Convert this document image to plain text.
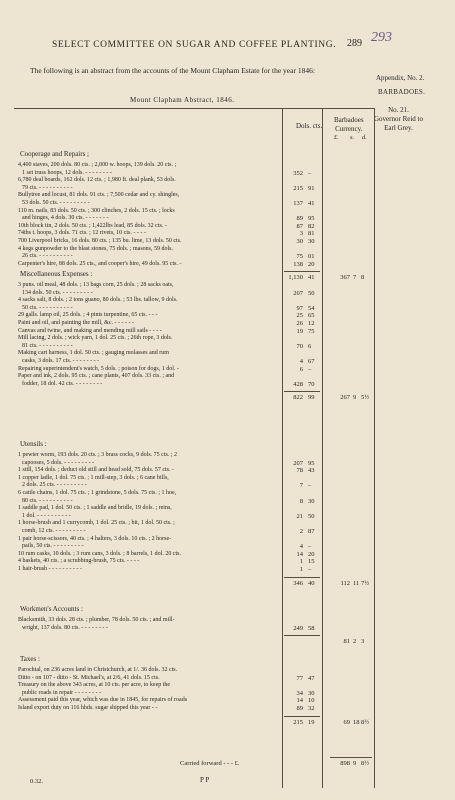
293
SELECT COMMITTEE ON SUGAR AND COFFEE PLANTING. 289
The following is an abstract from the accounts of the Mount Clapham Estate for the year 1846:
Appendix, No. 2.
BARBADOES.
No. 21.
Governor Reid to
Earl Grey.
Mount Clapham Abstract, 1846.
Dols. cts.
Barbadoes
Currency.
£. s. d.
Cooperage and Repairs ;
4,400 staves, 200 dols. 80 cts. ; 2,000 w. hoops, 139 dols. 20 cts. ;
1 set truss hoops, 12 dols. - - - - - - - -	352 –
6,780 deal boards, 162 dols. 12 cts. ; 1,980 ft. deal plank, 53 dols.
79 cts. - - - - - - - - - -	215 91
Bullytree and locust, 81 dols. 91 cts. ; 7,500 cedar and cy. shingles,
53 dols. 50 cts. - - - - - - - - -	137 41
110 m. nails, 83 dols. 50 cts. ; 300 clinches, 2 dols. 15 cts. ; locks
and hinges, 4 dols. 30 cts. - - - - - - -	89 95
10th block tin, 2 dols. 50 cts. ; 1,422lbs lead, 85 dols. 32 cts. -	87 82
74ths t. hoops, 3 dols. 71 cts. ; 12 rivets, 10 cts. - - - -	3 81
700 Liverpool bricks, 16 dols. 80 cts. ; 135 bu. lime, 13 dols. 50 cts.	30 30
4 kegs gunpowder to the blast stones, 75 dols. ; masons, 59 dols.
26 cts. - - - - - - - - - -	75 01
Carpenter's hire, 88 dols. 25 cts., and cooper's hire, 49 dols. 95 cts. -	138 20
1,130 41	367 7 8
Miscellaneous Expenses :
3 puns. oil meal, 48 dols. ; 13 bags corn, 25 dols. ; 28 sacks oats,
134 dols. 50 cts. - - - - - - - - -	207 50
4 sacks salt, 8 dols. ; 2 tons guano, 80 dols. ; 53 lbs. tallow, 9 dols.
50 cts. - - - - - - - - - -	97 54
29 galls. lamp oil, 25 dols. ; 4 pints turpentine, 65 cts. - - -	25 65
Paint and oil, and painting the mill, &c. - - - - - -	26 12
Canvas and twine, and making and mending mill sails - - - -	19 75
Mill lacing, 2 dols. ; wick yarn, 1 dol. 25 cts. ; 26th rope, 3 dols.
81 cts. - - - - - - - - - -	70 6
Making cart harness, 1 dol. 50 cts. ; gauging molasses and rum
casks, 3 dols. 17 cts. - - - - - - - -	4 67
Repairing superintendent's watch, 5 dols. ; poison for dogs, 1 dol. -	6 –
Paper and ink, 2 dols. 95 cts. ; cane plants, 407 dols. 33 cts. ; and
fodder, 18 dol. 42 cts. - - - - - - - -	428 70
822 99	267 9 5½
Utensils :
1 pewter worm, 193 dols. 20 cts. ; 3 brass cocks, 9 dols. 75 cts. ; 2
capooses, 5 dols. - - - - - - - - -	207 95
1 still, 154 dols. ; deduct old still and head sold, 75 dols. 57 cts. -	78 43
1 copper ladle, 1 dol. 75 cts. ; 1 mill-step, 3 dols. ; 6 cane bills,
2 dols. 25 cts. - - - - - - - - -	7 –
6 cattle chains, 1 dol. 75 cts. ; 1 grindstone, 5 dols. 75 cts. ; 1 hoe,
80 cts. - - - - - - - - - -	8 30
1 saddle pad, 1 dol. 50 cts. ; 1 saddle and bridle, 19 dols. ; reins,
1 dol. - - - - - - - - - -	21 50
1 horse-brush and 1 currycomb, 1 dol. 25 cts. ; bit, 1 dol. 50 cts. ;
comb, 12 cts. - - - - - - - - -	2 87
1 pair horse-scissors, 40 cts. ; 4 halters, 3 dols. 10 cts. ; 2 horse-
pails, 50 cts. - - - - - - - - -	4 –
10 rum casks, 10 dols. ; 3 rum cans, 3 dols. ; 8 barrels, 1 dol. 20 cts.	14 20
4 baskets, 40 cts. ; a scrubbing-brush, 75 cts. - - - -	1 15
1 hair-brush - - - - - - - - - -	1 –
346 40	112 11 7½
Workmen's Accounts :
Blacksmith, 33 dols. 28 cts. ; plumber, 78 dols. 50 cts. ; and mill-
wright, 137 dols. 80 cts. - - - - - - - -	249 58
81 2 3
Taxes :
Parochial, on 236 acres land in Christchurch, at 1/. 36 dols. 32 cts.
Ditto - on 107 - ditto - St. Michael's, at 2/6, 41 dols. 15 cts.	77 47
Treasury on the above 343 acres, at 10 cts. per acre, to keep the
public roads in repair - - - - - - - -	34 30
Assessment paid this year, which was due in 1845, for repairs of roads	14 10
Island export duty on 116 hhds. sugar shipped this year - -	89 32
215 19	69 18 8½
Carried forward - - - £.	898 9 8½
P P
0.32.
